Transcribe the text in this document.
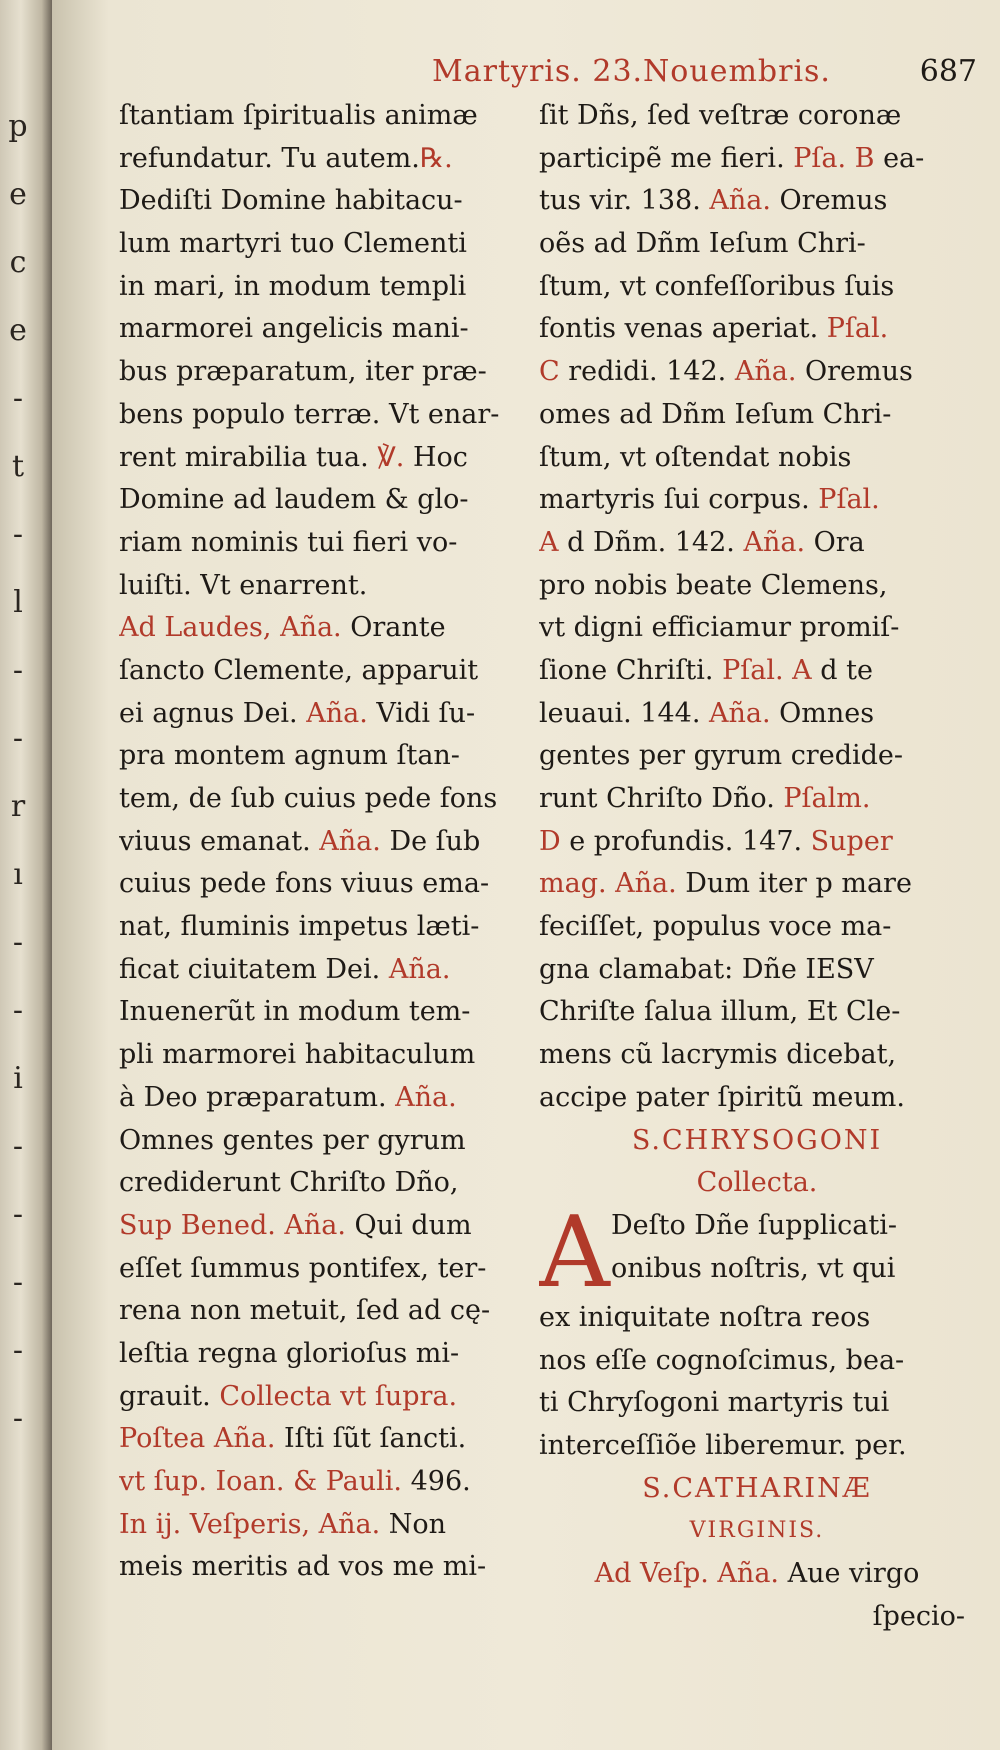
p
e
c
e
-
t
-
l
-
-
r
ı
-
-
i
-
-
-
-
-
Martyris. 23.Nouembris.	687
ſtantiam ſpiritualis animæ
refundatur. Tu autem.℞.
Dediſti Domine habitacu-
lum martyri tuo Clementi
in mari, in modum templi
marmorei angelicis mani-
bus præparatum, iter præ-
bens populo terræ. Vt enar-
rent mirabilia tua. ℣. Hoc
Domine ad laudem & glo-
riam nominis tui fieri vo-
luiſti. Vt enarrent.
Ad Laudes, Aña. Orante
ſancto Clemente, apparuit
ei agnus Dei. Aña. Vidi ſu-
pra montem agnum ſtan-
tem, de ſub cuius pede fons
viuus emanat. Aña. De ſub
cuius pede fons viuus ema-
nat, fluminis impetus læti-
ficat ciuitatem Dei. Aña.
Inuenerũt in modum tem-
pli marmorei habitaculum
à Deo præparatum. Aña.
Omnes gentes per gyrum
crediderunt Chriſto Dño,
Sup Bened. Aña. Qui dum
eſſet ſummus pontifex, ter-
rena non metuit, ſed ad cę-
leſtia regna glorioſus mi-
grauit. Collecta vt ſupra.
Poſtea Aña. Iſti ſũt ſancti.
vt ſup. Ioan. & Pauli. 496.
In ij. Veſperis, Aña. Non
meis meritis ad vos me mi-
ſit Dñs, ſed veſtræ coronæ
participẽ me fieri. Pſa. B ea-
tus vir. 138. Aña. Oremus
oẽs ad Dñm Ieſum Chri-
ſtum, vt confeſſoribus ſuis
fontis venas aperiat. Pſal.
C redidi. 142. Aña. Oremus
omes ad Dñm Ieſum Chri-
ſtum, vt oſtendat nobis
martyris ſui corpus. Pſal.
A d Dñm. 142. Aña. Ora
pro nobis beate Clemens,
vt digni efficiamur promiſ-
ſione Chriſti. Pſal. A d te
leuaui. 144. Aña. Omnes
gentes per gyrum credide-
runt Chriſto Dño. Pſalm.
D e profundis. 147. Super
mag. Aña. Dum iter p mare
feciſſet, populus voce ma-
gna clamabat: Dñe IESV
Chriſte ſalua illum, Et Cle-
mens cũ lacrymis dicebat,
accipe pater ſpiritũ meum.
S.CHRYSOGONI
Collecta.
A Deſto Dñe ſupplicati-
onibus noſtris, vt qui
ex iniquitate noſtra reos
nos eſſe cognoſcimus, bea-
ti Chryſogoni martyris tui
interceſſiõe liberemur. per.
S.CATHARINÆ
VIRGINIS.
Ad Veſp. Aña. Aue virgo
ſpecio-
